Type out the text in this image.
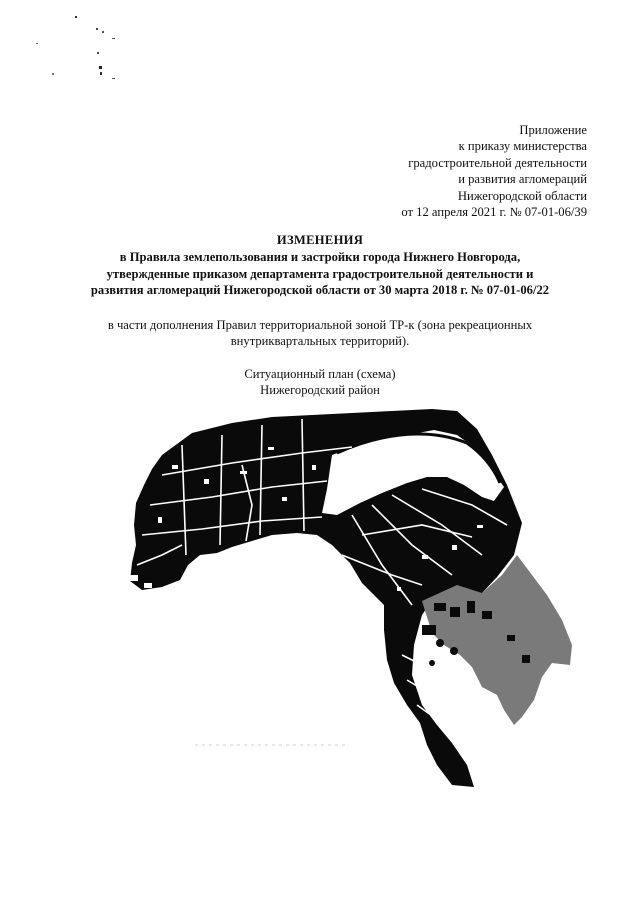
Приложение
к приказу министерства
градостроительной деятельности
и развития агломераций
Нижегородской области
от 12 апреля 2021 г. № 07-01-06/39
ИЗМЕНЕНИЯ
в Правила землепользования и застройки города Нижнего Новгорода,
утвержденные приказом департамента градостроительной деятельности и
развития агломераций Нижегородской области от 30 марта 2018 г. № 07-01-06/22
в части дополнения Правил территориальной зоной ТР-к (зона рекреационных
внутриквартальных территорий).
Ситуационный план (схема)
Нижегородский район
